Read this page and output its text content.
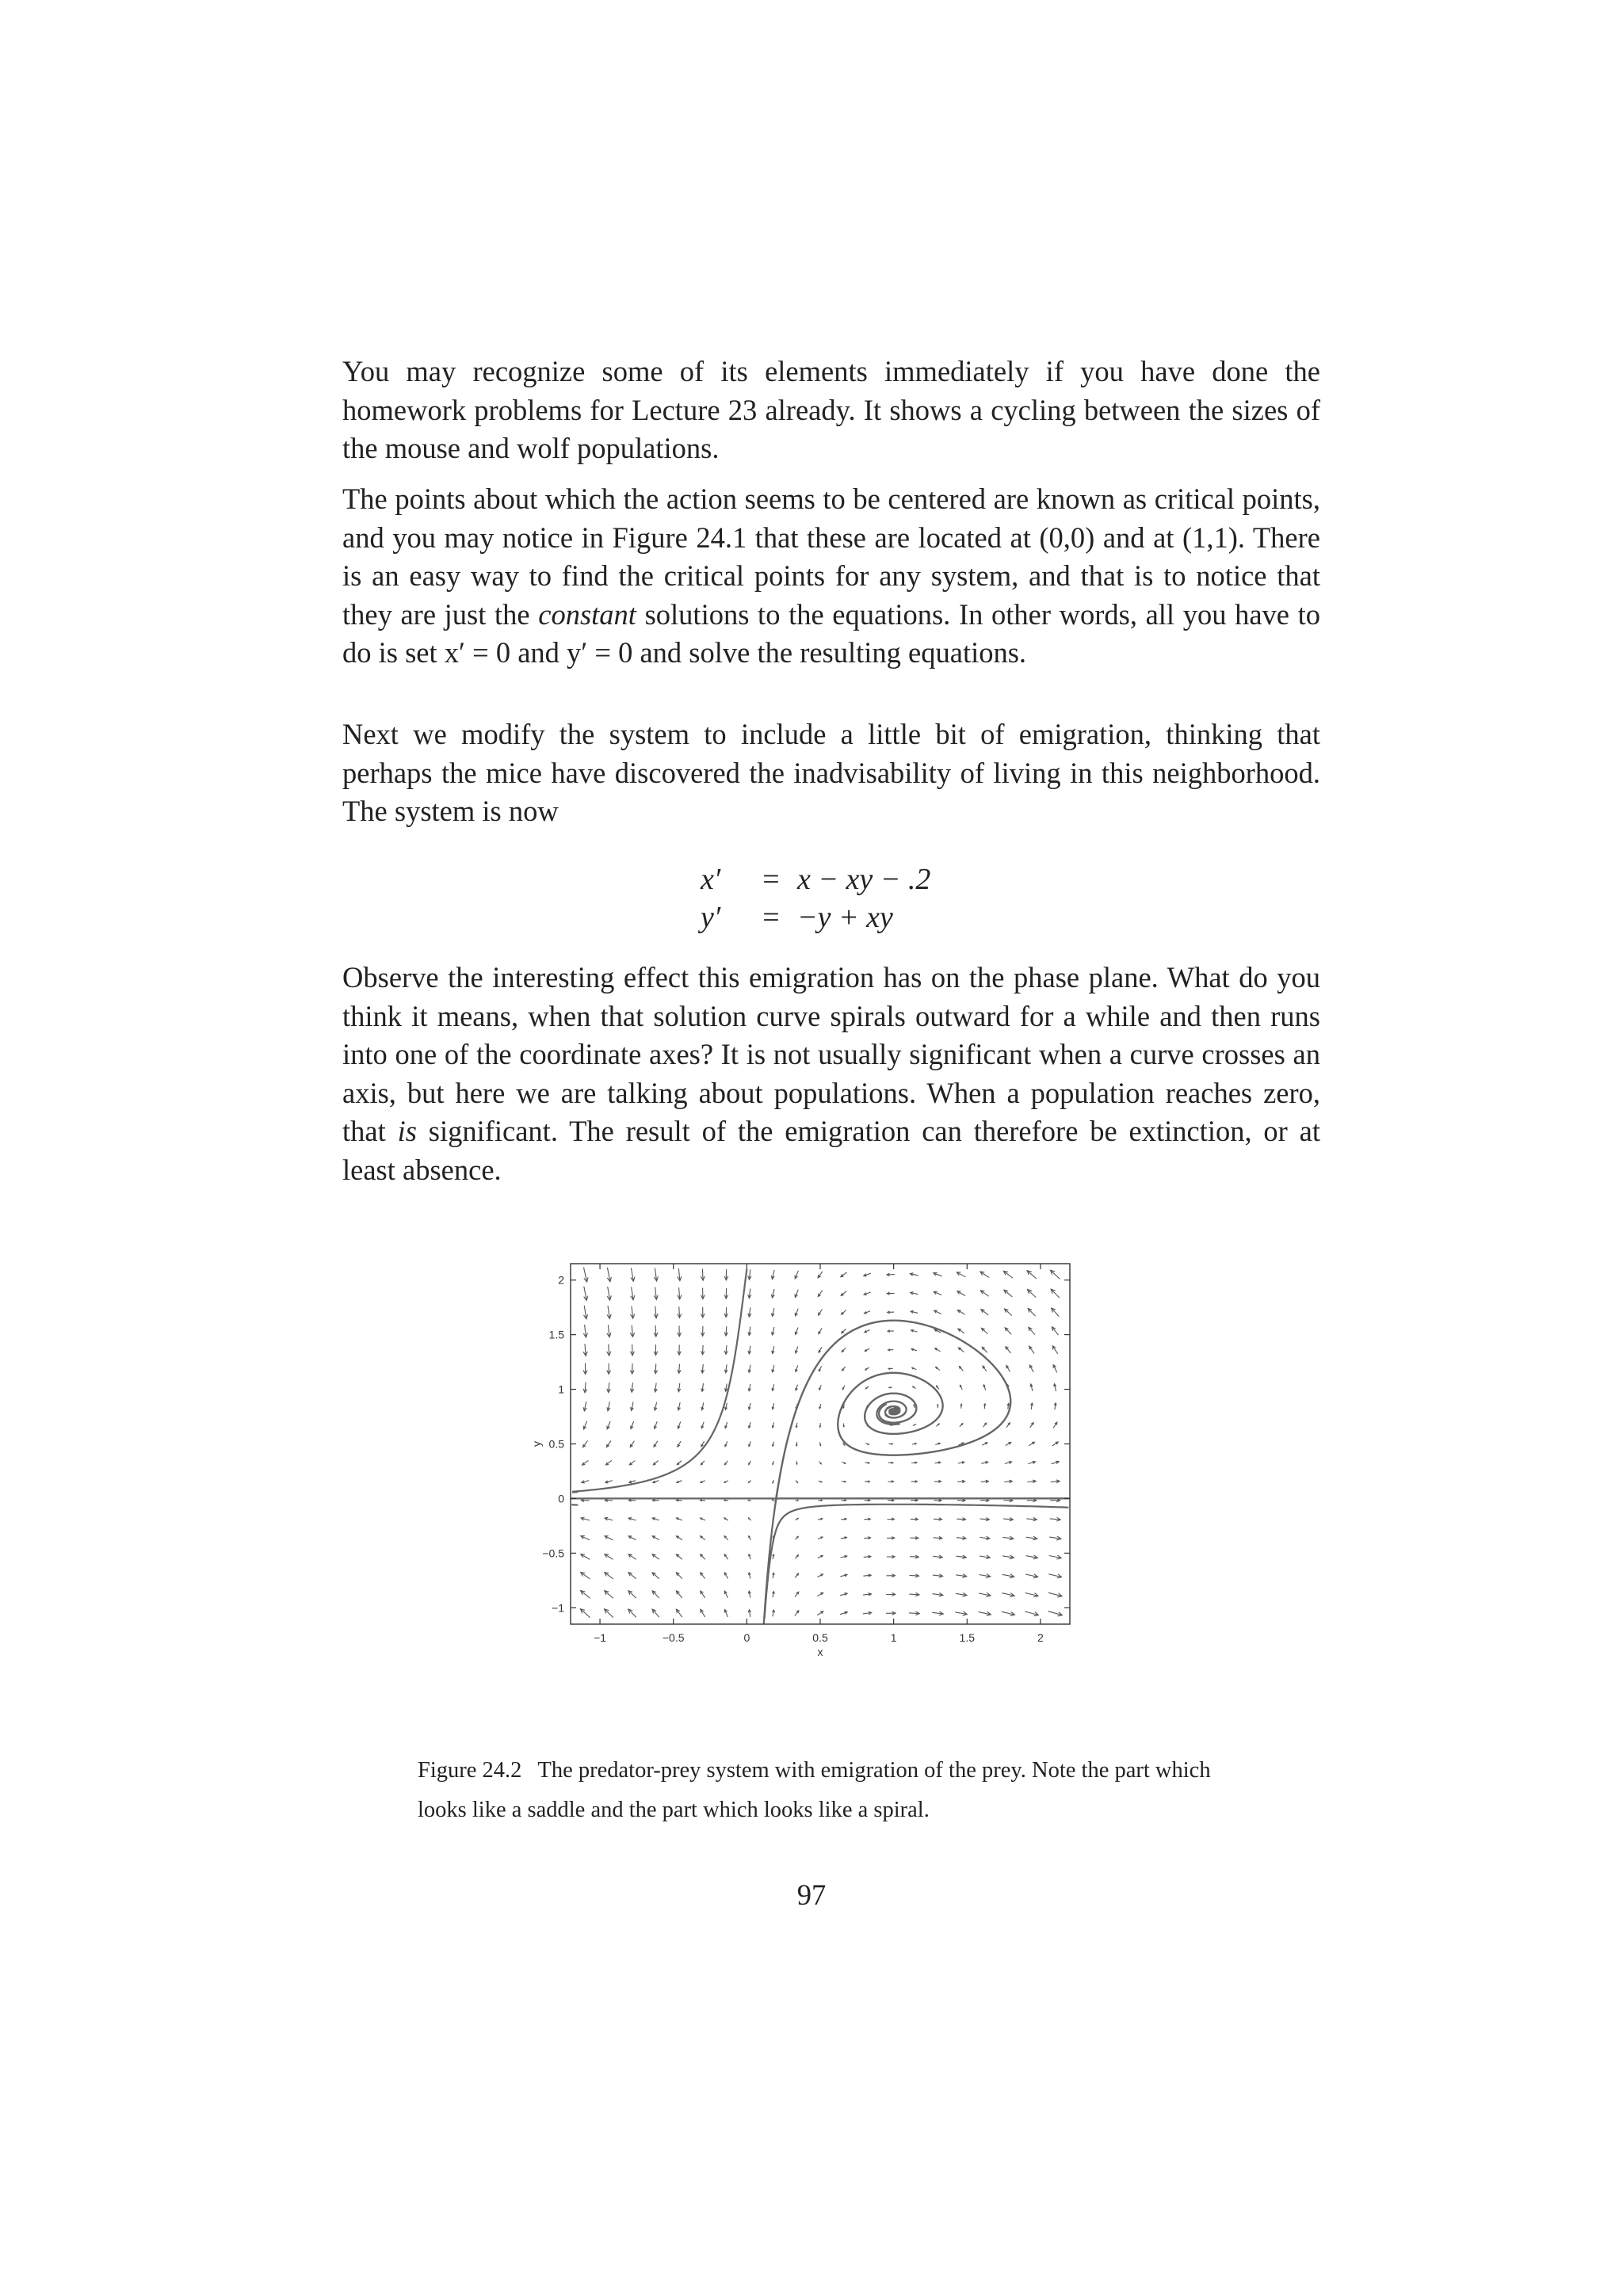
You may recognize some of its elements immediately if you have done the homework problems for Lecture 23 already. It shows a cycling between the sizes of the mouse and wolf populations.

The points about which the action seems to be centered are known as critical points, and you may notice in Figure 24.1 that these are located at (0,0) and at (1,1). There is an easy way to find the critical points for any system, and that is to notice that they are just the constant solutions to the equations. In other words, all you have to do is set x′ = 0 and y′ = 0 and solve the resulting equations.

Next we modify the system to include a little bit of emigration, thinking that perhaps the mice have discovered the inadvisability of living in this neighborhood. The system is now

x′	= x − xy − .2
y′	= −y + xy

Observe the interesting effect this emigration has on the phase plane. What do you think it means, when that solution curve spirals outward for a while and then runs into one of the coordinate axes? It is not usually significant when a curve crosses an axis, but here we are talking about populations. When a population reaches zero, that is significant. The result of the emigration can therefore be extinction, or at least absence.

−1	−0.5	0	0.5	1	1.5	2
−1
−0.5
0
0.5
1
1.5
2
x
y
Figure 24.2 The predator-prey system with emigration of the prey. Note the part which looks like a saddle and the part which looks like a spiral.
97
